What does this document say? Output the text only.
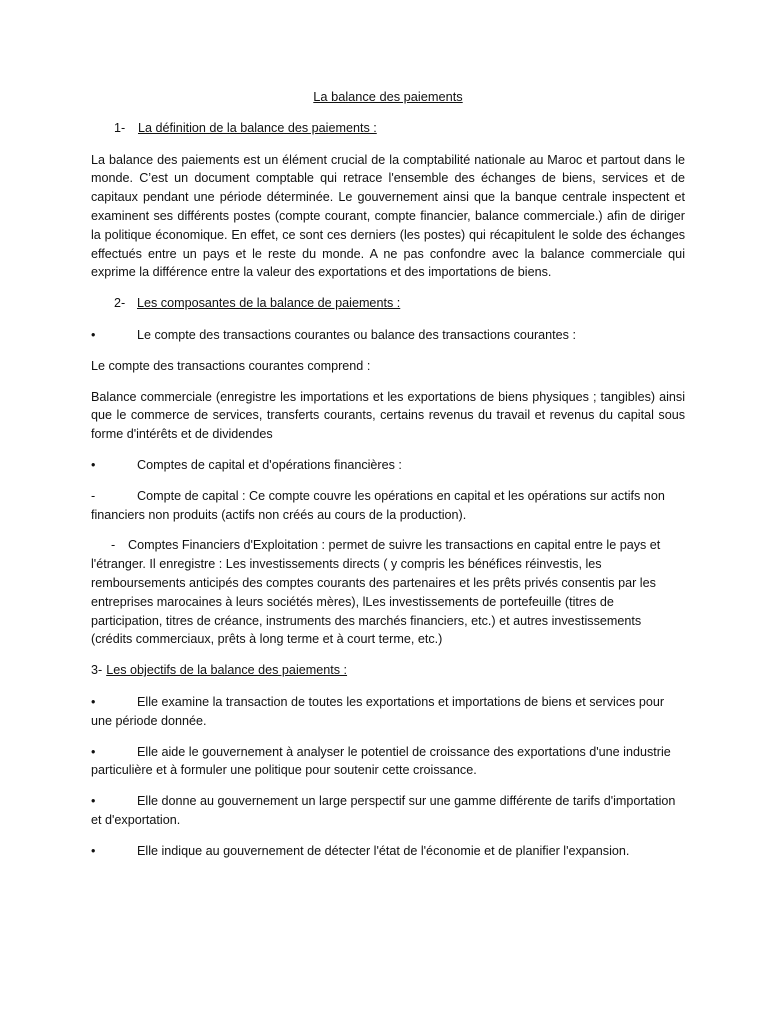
La balance des paiements
1-	La définition de la balance des paiements :
La balance des paiements est un élément crucial de la comptabilité nationale au Maroc et partout dans le monde. C’est un document comptable qui retrace l'ensemble des échanges de biens, services et de capitaux pendant une période déterminée. Le gouvernement ainsi que la banque centrale inspectent et examinent ses différents postes (compte courant, compte financier, balance commerciale.) afin de diriger la politique économique. En effet, ce sont ces derniers (les postes) qui récapitulent le solde des échanges effectués entre un pays et le reste du monde. A ne pas confondre avec la balance commerciale qui exprime la différence entre la valeur des exportations et des importations de biens.
2- Les composantes de la balance de paiements :
•	Le compte des transactions courantes ou balance des transactions courantes :
Le compte des transactions courantes comprend :
Balance commerciale (enregistre les importations et les exportations de biens physiques ; tangibles) ainsi que le commerce de services, transferts courants, certains revenus du travail et revenus du capital sous forme d'intérêts et de dividendes
•	Comptes de capital et d'opérations financières :
-	Compte de capital : Ce compte couvre les opérations en capital et les opérations sur actifs non financiers non produits (actifs non créés au cours de la production).
- Comptes Financiers d'Exploitation : permet de suivre les transactions en capital entre le pays et l'étranger. Il enregistre : Les investissements directs ( y compris les bénéfices réinvestis, les remboursements anticipés des comptes courants des partenaires et les prêts privés consentis par les entreprises marocaines à leurs sociétés mères), lLes investissements de portefeuille (titres de participation, titres de créance, instruments des marchés financiers, etc.) et autres investissements (crédits commerciaux, prêts à long terme et à court terme, etc.)
3- Les objectifs de la balance des paiements :
•	Elle examine la transaction de toutes les exportations et importations de biens et services pour une période donnée.
•	Elle aide le gouvernement à analyser le potentiel de croissance des exportations d'une industrie particulière et à formuler une politique pour soutenir cette croissance.
•	Elle donne au gouvernement un large perspectif sur une gamme différente de tarifs d'importation et d'exportation.
•	Elle indique au gouvernement de détecter l'état de l'économie et de planifier l'expansion.
